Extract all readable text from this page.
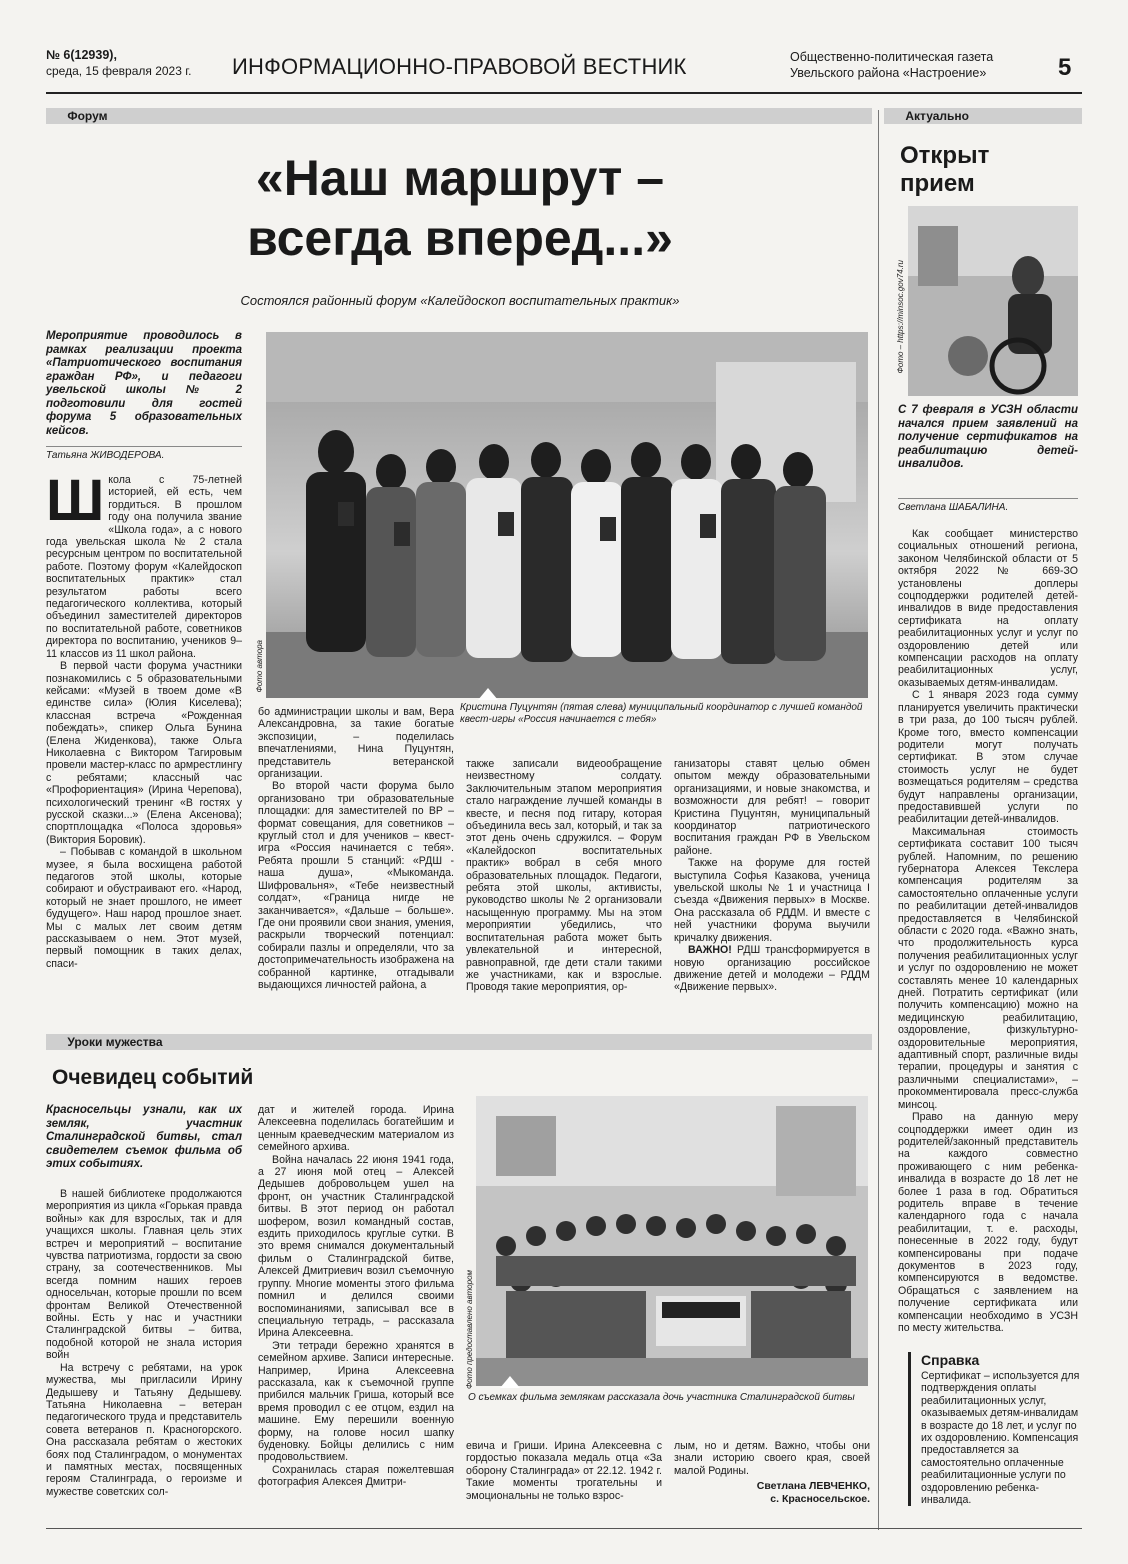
№ 6(12939),
среда, 15 февраля 2023 г. ИНФОРМАЦИОННО-ПРАВОВОЙ ВЕСТНИК	Общественно-политическая газета
Увельского района «Настроение»	5
Форум	Актуально
«Наш маршрут –
всегда вперед...»
Состоялся районный форум «Калейдоскоп воспитательных практик»
Мероприятие проводилось в рамках реализации проекта «Патриотического воспитания граждан РФ», и педагоги увельской школы № 2 подготовили для гостей форума 5 образовательных кейсов.
Татьяна ЖИВОДЕРОВА.
Фото автора
Кристина Пуцунтян (пятая слева) муниципальный координатор с лучшей командой квест-игры «Россия начинается с тебя»
Ш кола с 75-летней историей, ей есть, чем гордиться. В прошлом году она получила звание «Школа года», а с нового года увельская школа № 2 стала ресурсным центром по воспитательной работе. Поэтому форум «Калейдоскоп воспитательных практик» стал результатом работы всего педагогического коллектива, который объединил заместителей директоров по воспитательной работе, советников директора по воспитанию, учеников 9–11 классов из 11 школ района.

В первой части форума участники познакомились с 5 образовательными кейсами: «Музей в твоем доме «В единстве сила» (Юлия Киселева); классная встреча «Рожденная побеждать», спикер Ольга Бунина (Елена Жиденкова), также Ольга Николаевна с Виктором Тагировым провели мастер-класс по армрестлингу с ребятами; классный час «Профориентация» (Ирина Черепова), психологический тренинг «В гостях у русской сказки...» (Елена Аксенова); спортплощадка «Полоса здоровья» (Виктория Боровик).

– Побывав с командой в школьном музее, я была восхищена работой педагогов этой школы, которые собирают и обустраивают его. «Народ, который не знает прошлого, не имеет будущего». Наш народ прошлое знает. Мы с малых лет своим детям рассказываем о нем. Этот музей, первый помощник в таких делах, спаси-

бо администрации школы и вам, Вера Александровна, за такие богатые экспозиции, – поделилась впечатлениями, Нина Пуцунтян, представитель ветеранской организации.

Во второй части форума было организовано три образовательные площадки: для заместителей по ВР – формат совещания, для советников – круглый стол и для учеников – квест-игра «Россия начинается с тебя». Ребята прошли 5 станций: «РДШ - наша душа», «Мыкоманда. Шифровальня», «Тебе неизвестный солдат», «Граница нигде не заканчивается», «Дальше – больше». Где они проявили свои знания, умения, раскрыли творческий потенциал: собирали пазлы и определяли, что за достопримечательность изображена на собранной картинке, отгадывали выдающихся личностей района, а

также записали видеообращение неизвестному солдату. Заключительным этапом мероприятия стало награждение лучшей команды в квесте, и песня под гитару, которая объединила весь зал, который, и так за этот день очень сдружился. – Форум «Калейдоскоп воспитательных практик» вобрал в себя много образовательных площадок. Педагоги, ребята этой школы, активисты, руководство школы № 2 организовали насыщенную программу. Мы на этом мероприятии убедились, что воспитательная работа может быть увлекательной и интересной, равноправной, где дети стали такими же участниками, как и взрослые. Проводя такие мероприятия, ор-

ганизаторы ставят целью обмен опытом между образовательными организациями, и новые знакомства, и возможности для ребят! – говорит Кристина Пуцунтян, муниципальный координатор патриотического воспитания граждан РФ в Увельском районе.

Также на форуме для гостей выступила Софья Казакова, ученица увельской школы № 1 и участница I съезда «Движения первых» в Москве. Она рассказала об РДДМ. И вместе с ней участники форума выучили кричалку движения.

ВАЖНО! РДШ трансформируется в новую организацию российское движение детей и молодежи – РДДМ «Движение первых».

Открыт
прием
Фото – https://minsoc.gov74.ru
С 7 февраля в УСЗН области начался прием заявлений на получение сертификатов на реабилитацию детей-инвалидов.
Светлана ШАБАЛИНА.

Как сообщает министерство социальных отношений региона, законом Челябинской области от 5 октября 2022 № 669-ЗО установлены доплеры соцподдержки родителей детей-инвалидов в виде предоставления сертификата на оплату реабилитационных услуг и услуг по оздоровлению детей или компенсации расходов на оплату реабилитационных услуг, оказываемых детям-инвалидам.

С 1 января 2023 года сумму планируется увеличить практически в три раза, до 100 тысяч рублей. Кроме того, вместо компенсации родители могут получать сертификат. В этом случае стоимость услуг не будет возмещаться родителям – средства будут направлены организации, предоставившей услуги по реабилитации детей-инвалидов.

Максимальная стоимость сертификата составит 100 тысяч рублей. Напомним, по решению губернатора Алексея Текслера компенсация родителям за самостоятельно оплаченные услуги по реабилитации детей-инвалидов предоставляется в Челябинской области с 2020 года. «Важно знать, что продолжительность курса получения реабилитационных услуг и услуг по оздоровлению не может составлять менее 10 календарных дней. Потратить сертификат (или получить компенсацию) можно на медицинскую реабилитацию, оздоровление, физкультурно-оздоровительные мероприятия, адаптивный спорт, различные виды терапии, процедуры и занятия с различными специалистами», – прокомментировала пресс-служба минсоц.

Право на данную меру соцподдержки имеет один из родителей/законный представитель на каждого совместно проживающего с ним ребенка-инвалида в возрасте до 18 лет не более 1 раза в год. Обратиться родитель вправе в течение календарного года с начала реабилитации, т. е. расходы, понесенные в 2022 году, будут компенсированы при подаче документов в 2023 году, компенсируются в ведомстве. Обращаться с заявлением на получение сертификата или компенсации необходимо в УСЗН по месту жительства.

Справка
Сертификат – используется для подтверждения оплаты реабилитационных услуг, оказываемых детям-инвалидам в возрасте до 18 лет, и услуг по их оздоровлению. Компенсация предоставляется за самостоятельно оплаченные реабилитационные услуги по оздоровлению ребенка-инвалида.
Уроки мужества
Очевидец событий
Красносельцы узнали, как их земляк, участник Сталинградской битвы, стал свидетелем съемок фильма об этих событиях.

В нашей библиотеке продолжаются мероприятия из цикла «Горькая правда войны» как для взрослых, так и для учащихся школы. Главная цель этих встреч и мероприятий – воспитание чувства патриотизма, гордости за свою страну, за соотечественников. Мы всегда помним наших героев односельчан, которые прошли по всем фронтам Великой Отечественной войны. Есть у нас и участники Сталинградской битвы – битва, подобной которой не знала история войн

На встречу с ребятами, на урок мужества, мы пригласили Ирину Дедышеву и Татьяну Дедышеву. Татьяна Николаевна – ветеран педагогического труда и представитель совета ветеранов п. Красногорского. Она рассказала ребятам о жестоких боях под Сталинградом, о монументах и памятных местах, посвященных героям Сталинграда, о героизме и мужестве советских сол-

дат и жителей города. Ирина Алексеевна поделилась богатейшим и ценным краеведческим материалом из семейного архива.

Война началась 22 июня 1941 года, а 27 июня мой отец – Алексей Дедышев добровольцем ушел на фронт, он участник Сталинградской битвы. В этот период он работал шофером, возил командный состав, ездить приходилось круглые сутки. В это время снимался документальный фильм о Сталинградской битве, Алексей Дмитриевич возил съемочную группу. Многие моменты этого фильма помнил и делился своими воспоминаниями, записывал все в специальную тетрадь, – рассказала Ирина Алексеевна.

Эти тетради бережно хранятся в семейном архиве. Записи интересные. Например, Ирина Алексеевна рассказала, как к съемочной группе прибился мальчик Гриша, который все время проводил с ее отцом, ездил на машине. Ему перешили военную форму, на голове носил шапку буденовку. Бойцы делились с ним продовольствием.

Сохранилась старая пожелтевшая фотография Алексея Дмитри-

Фото предоставлено автором
О съемках фильма землякам рассказала дочь участника Сталинградской битвы

евича и Гриши. Ирина Алексеевна с гордостью показала медаль отца «За оборону Сталинграда» от 22.12. 1942 г. Такие моменты трогательны и эмоциональны не только взрос-

лым, но и детям. Важно, чтобы они знали историю своего края, своей малой Родины.

Светлана ЛЕВЧЕНКО,
с. Красносельское.
